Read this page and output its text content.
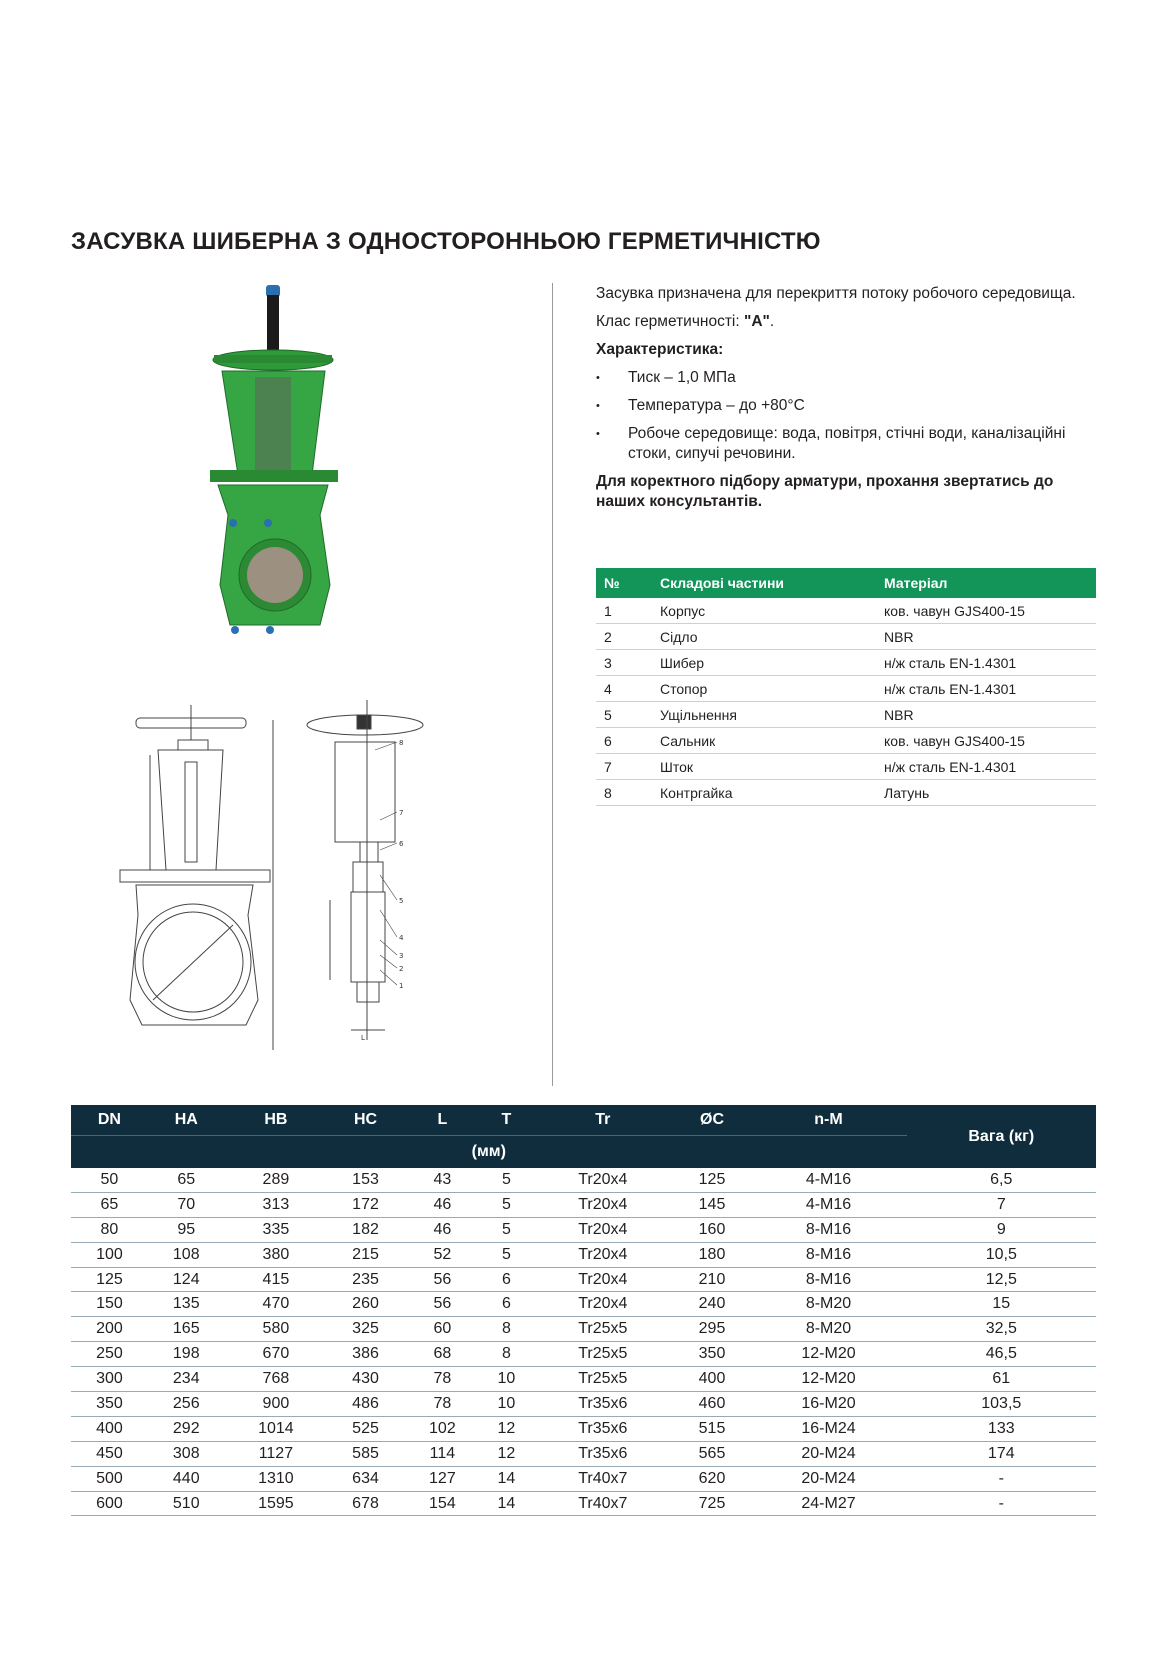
ЗАСУВКА ШИБЕРНА З ОДНОСТОРОННЬОЮ ГЕРМЕТИЧНІСТЮ
8
7
6
5
4
3
2
1
L

Засувка призначена для перекриття потоку робочого середовища.

Клас герметичності: "А".

Характеристика:

• Тиск – 1,0 МПа
• Температура – до +80°С
• Робоче середовище: вода, повітря, стічні води, каналізаційні стоки, сипучі речовини.

Для коректного підбору арматури, прохання звертатись до наших консультантів.

№	Складові частини	Матеріал
1	Корпус	ков. чавун GJS400-15
2	Сідло	NBR
3	Шибер	н/ж сталь EN-1.4301
4	Стопор	н/ж сталь EN-1.4301
5	Ущільнення	NBR
6	Сальник	ков. чавун GJS400-15
7	Шток	н/ж сталь EN-1.4301
8	Контргайка	Латунь
DN	HA	HB	HC	L	T	Tr	ØC	n-M	Вага (кг)
(мм)									
50	65	289	153	43	5	Tr20x4	125	4-M16	6,5
65	70	313	172	46	5	Tr20x4	145	4-M16	7
80	95	335	182	46	5	Tr20x4	160	8-M16	9
100	108	380	215	52	5	Tr20x4	180	8-M16	10,5
125	124	415	235	56	6	Tr20x4	210	8-M16	12,5
150	135	470	260	56	6	Tr20x4	240	8-M20	15
200	165	580	325	60	8	Tr25x5	295	8-M20	32,5
250	198	670	386	68	8	Tr25x5	350	12-M20	46,5
300	234	768	430	78	10	Tr25x5	400	12-M20	61
350	256	900	486	78	10	Tr35x6	460	16-M20	103,5
400	292	1014	525	102	12	Tr35x6	515	16-M24	133
450	308	1127	585	114	12	Tr35x6	565	20-M24	174
500	440	1310	634	127	14	Tr40x7	620	20-M24	-
600	510	1595	678	154	14	Tr40x7	725	24-M27	-
